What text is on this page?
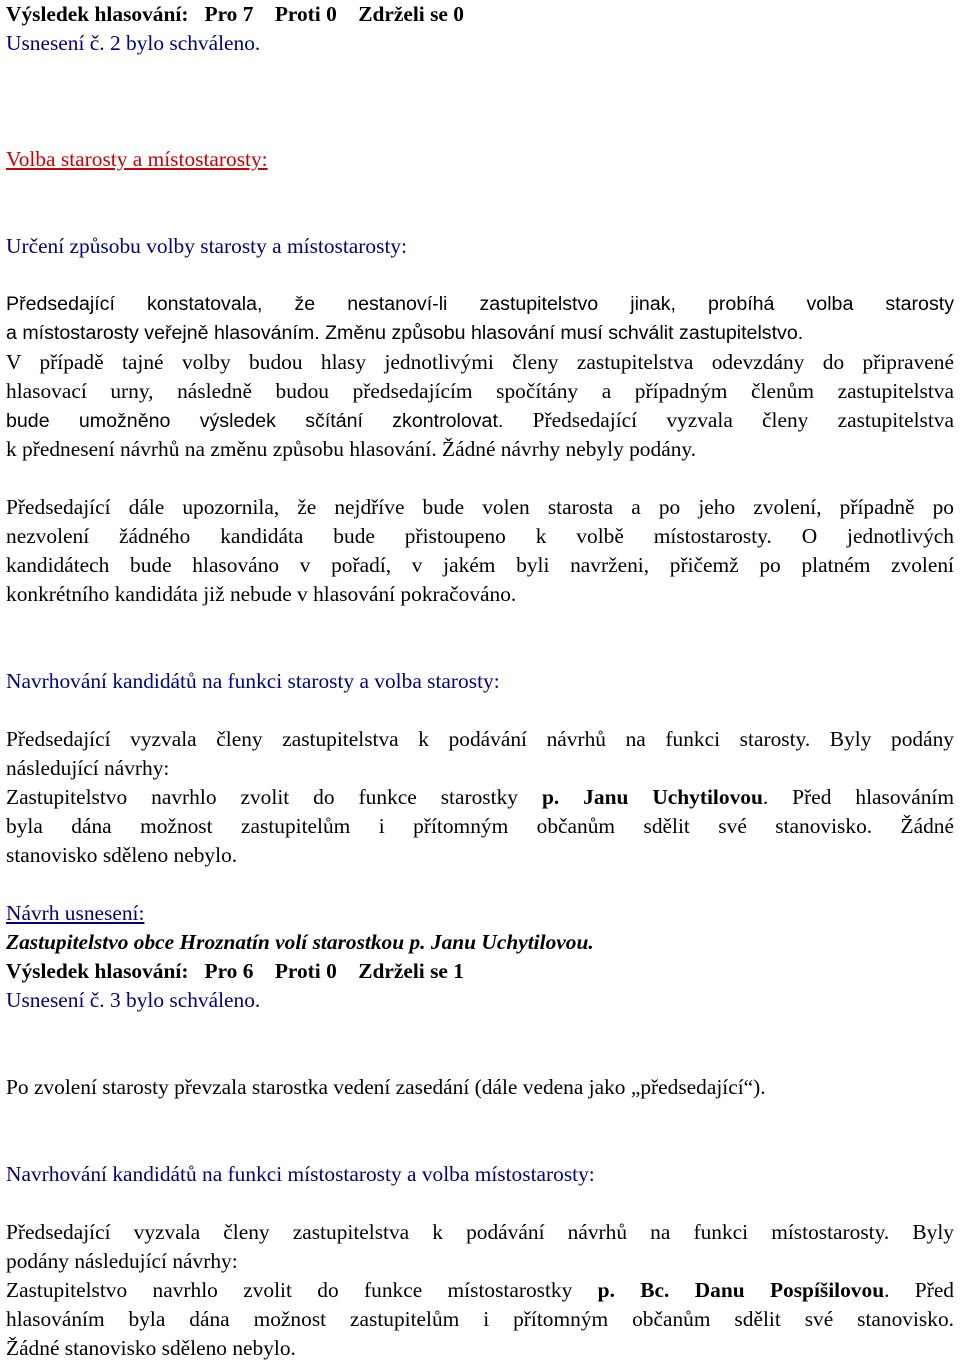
Výsledek hlasování: Pro 7 Proti 0 Zdrželi se 0
Usnesení č. 2 bylo schváleno.
Volba starosty a místostarosty:
Určení způsobu volby starosty a místostarosty:
Předsedající konstatovala, že nestanoví-li zastupitelstvo jinak, probíhá volba starosty
a místostarosty veřejně hlasováním. Změnu způsobu hlasování musí schválit zastupitelstvo.
V případě tajné volby budou hlasy jednotlivými členy zastupitelstva odevzdány do připravené
hlasovací urny, následně budou předsedajícím spočítány a případným členům zastupitelstva
bude umožněno výsledek sčítání zkontrolovat. Předsedající vyzvala členy zastupitelstva
k přednesení návrhů na změnu způsobu hlasování. Žádné návrhy nebyly podány.
Předsedající dále upozornila, že nejdříve bude volen starosta a po jeho zvolení, případně po
nezvolení žádného kandidáta bude přistoupeno k volbě místostarosty. O jednotlivých
kandidátech bude hlasováno v pořadí, v jakém byli navrženi, přičemž po platném zvolení
konkrétního kandidáta již nebude v hlasování pokračováno.
Navrhování kandidátů na funkci starosty a volba starosty:
Předsedající vyzvala členy zastupitelstva k podávání návrhů na funkci starosty. Byly podány
následující návrhy:
Zastupitelstvo navrhlo zvolit do funkce starostky p. Janu Uchytilovou. Před hlasováním
byla dána možnost zastupitelům i přítomným občanům sdělit své stanovisko. Žádné
stanovisko sděleno nebylo.
Návrh usnesení:
Zastupitelstvo obce Hroznatín volí starostkou p. Janu Uchytilovou.
Výsledek hlasování: Pro 6 Proti 0 Zdrželi se 1
Usnesení č. 3 bylo schváleno.
Po zvolení starosty převzala starostka vedení zasedání (dále vedena jako „předsedající“).
Navrhování kandidátů na funkci místostarosty a volba místostarosty:
Předsedající vyzvala členy zastupitelstva k podávání návrhů na funkci místostarosty. Byly
podány následující návrhy:
Zastupitelstvo navrhlo zvolit do funkce místostarostky p. Bc. Danu Pospíšilovou. Před
hlasováním byla dána možnost zastupitelům i přítomným občanům sdělit své stanovisko.
Žádné stanovisko sděleno nebylo.
